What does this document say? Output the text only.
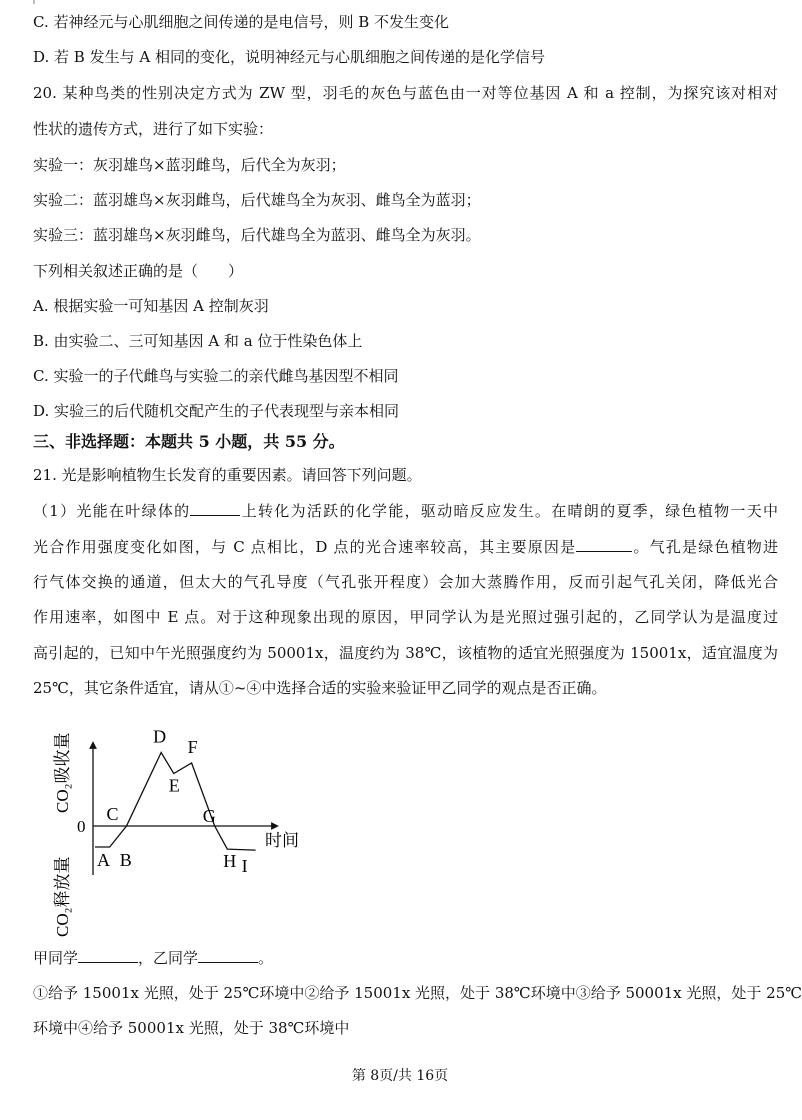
C. 若神经元与心肌细胞之间传递的是电信号，则 B 不发生变化
D. 若 B 发生与 A 相同的变化，说明神经元与心肌细胞之间传递的是化学信号
20. 某种鸟类的性别决定方式为 ZW 型，羽毛的灰色与蓝色由一对等位基因 A 和 a 控制，为探究该对相对
性状的遗传方式，进行了如下实验：
实验一：灰羽雄鸟×蓝羽雌鸟，后代全为灰羽；
实验二：蓝羽雄鸟×灰羽雌鸟，后代雄鸟全为灰羽、雌鸟全为蓝羽；
实验三：蓝羽雄鸟×灰羽雌鸟，后代雄鸟全为蓝羽、雌鸟全为灰羽。
下列相关叙述正确的是（　　）
A. 根据实验一可知基因 A 控制灰羽
B. 由实验二、三可知基因 A 和 a 位于性染色体上
C. 实验一的子代雌鸟与实验二的亲代雌鸟基因型不相同
D. 实验三的后代随机交配产生的子代表现型与亲本相同
三、非选择题：本题共 5 小题，共 55 分。
21. 光是影响植物生长发育的重要因素。请回答下列问题。
（1）光能在叶绿体的	上转化为活跃的化学能，驱动暗反应发生。在晴朗的夏季，绿色植物一天中
光合作用强度变化如图，与 C 点相比，D 点的光合速率较高，其主要原因是	。气孔是绿色植物进
行气体交换的通道，但太大的气孔导度（气孔张开程度）会加大蒸腾作用，反而引起气孔关闭，降低光合
作用速率，如图中 E 点。对于这种现象出现的原因，甲同学认为是光照过强引起的，乙同学认为是温度过
高引起的，已知中午光照强度约为 50001x，温度约为 38℃，该植物的适宜光照强度为 15001x，适宜温度为
25℃，其它条件适宜，请从①~④中选择合适的实验来验证甲乙同学的观点是否正确。
0
时间
CO₂吸收量
CO₂释放量 A B
C
D
E
F
G
H I
甲同学	，乙同学	。
①给予 15001x 光照，处于 25℃环境中②给予 15001x 光照，处于 38℃环境中③给予 50001x 光照，处于 25℃
环境中④给予 50001x 光照，处于 38℃环境中
第 8页/共 16页
